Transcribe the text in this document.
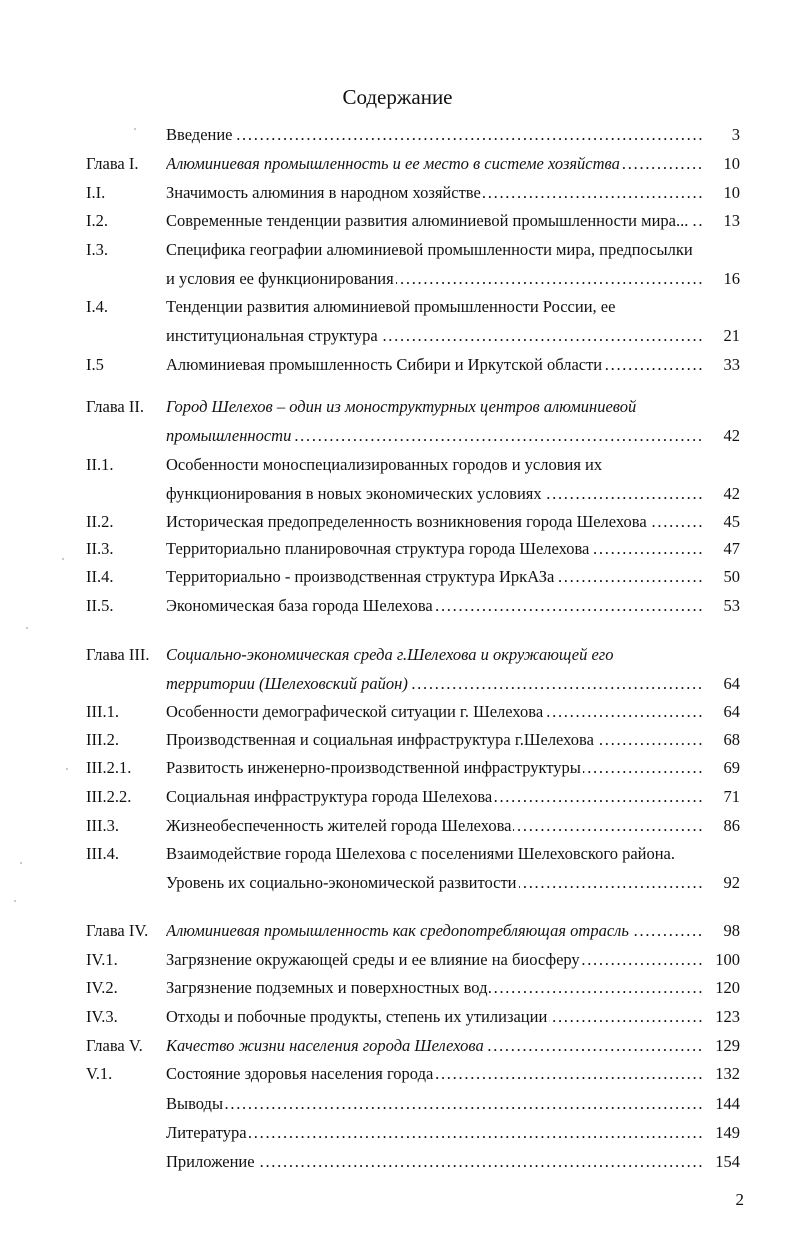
Содержание
Введение . . .	3
Глава I.	Алюминиевая промышленность и ее место в системе хозяйства . . .	10
I.I.	Значимость алюминия в народном хозяйстве . . .	10
I.2.	Современные тенденции развития алюминиевой промышленности мира... . . .	13
I.3.	Специфика географии алюминиевой промышленности мира, предпосылки
и условия ее функционирования . . .	16
I.4.	Тенденции развития алюминиевой промышленности России, ее
институциональная структура . . .	21
I.5	Алюминиевая промышленность Сибири и Иркутской области . . .	33
Глава II.	Город Шелехов – один из моноструктурных центров алюминиевой
промышленности . . .	42
II.1.	Особенности моноспециализированных городов и условия их
функционирования в новых экономических условиях . . .	42
II.2.	Историческая предопределенность возникновения города Шелехова . . .	45
II.3.	Территориально планировочная структура города Шелехова . . .	47
II.4.	Территориально - производственная структура ИркАЗа . . .	50
II.5.	Экономическая база города Шелехова . . .	53
Глава III.	Социально-экономическая среда г.Шелехова и окружающей его
территории (Шелеховский район) . . .	64
III.1.	Особенности демографической ситуации г. Шелехова . . .	64
III.2.	Производственная и социальная инфраструктура г.Шелехова . . .	68
III.2.1.	Развитость инженерно-производственной инфраструктуры . . .	69
III.2.2.	Социальная инфраструктура города Шелехова . . .	71
III.3.	Жизнеобеспеченность жителей города Шелехова . . .	86
III.4.	Взаимодействие города Шелехова с поселениями Шелеховского района.
Уровень их социально-экономической развитости . . .	92
Глава IV.	Алюминиевая промышленность как средопотребляющая отрасль . . .	98
IV.1.	Загрязнение окружающей среды и ее влияние на биосферу . . .	100
IV.2.	Загрязнение подземных и поверхностных вод . . .	120
IV.3.	Отходы и побочные продукты, степень их утилизации . . .	123
Глава V.	Качество жизни населения города Шелехова . . .	129
V.1.	Состояние здоровья населения города . . .	132
Выводы . . .	144
Литература . . .	149
Приложение . . .	154
2
